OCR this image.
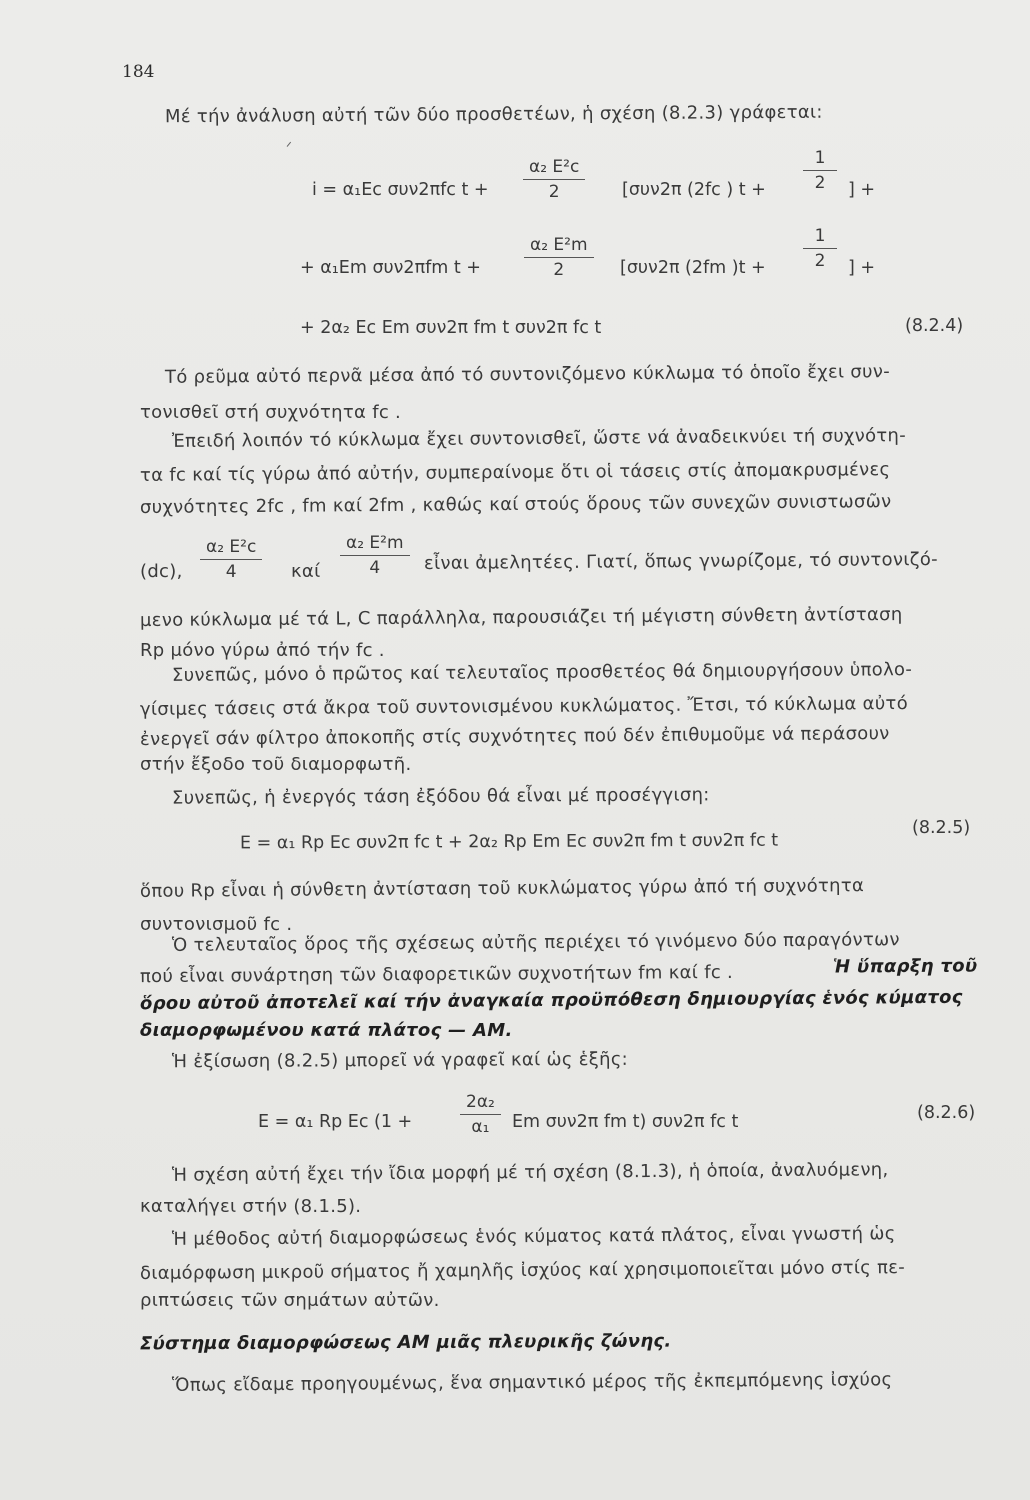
184
ᐟ
Μέ τήν ἀνάλυση αὐτή τῶν δύο προσθετέων, ἡ σχέση (8.2.3) γράφεται:
i = α₁Ec συν2πfc t +
α₂ E²c
2	[συν2π (2fc ) t +
1
2	] +
+ α₁Em συν2πfm t +
α₂ E²m
2	[συν2π (2fm )t +
1
2	] +
+ 2α₂ Ec Em συν2π fm t συν2π fc t	(8.2.4)
Τό ρεῦμα αὐτό περνᾶ μέσα ἀπό τό συντονιζόμενο κύκλωμα τό ὁποῖο ἔχει συν-
τονισθεῖ στή συχνότητα fc .
Ἐπειδή λοιπόν τό κύκλωμα ἔχει συντονισθεῖ, ὥστε νά ἀναδεικνύει τή συχνότη-
τα fc καί τίς γύρω ἀπό αὐτήν, συμπεραίνομε ὅτι οἱ τάσεις στίς ἀπομακρυσμένες
συχνότητες 2fc , fm καί 2fm , καθώς καί στούς ὅρους τῶν συνεχῶν συνιστωσῶν
(dc),
α₂ E²c
4	καί
α₂ E²m
4	εἶναι ἀμελητέες. Γιατί, ὅπως γνωρίζομε, τό συντονιζό-
μενο κύκλωμα μέ τά L, C παράλληλα, παρουσιάζει τή μέγιστη σύνθετη ἀντίσταση
Rp μόνο γύρω ἀπό τήν fc .
Συνεπῶς, μόνο ὁ πρῶτος καί τελευταῖος προσθετέος θά δημιουργήσουν ὑπολο-
γίσιμες τάσεις στά ἄκρα τοῦ συντονισμένου κυκλώματος. Ἔτσι, τό κύκλωμα αὐτό
ἐνεργεῖ σάν φίλτρο ἀποκοπῆς στίς συχνότητες πού δέν ἐπιθυμοῦμε νά περάσουν
στήν ἔξοδο τοῦ διαμορφωτῆ.
Συνεπῶς, ἡ ἐνεργός τάση ἐξόδου θά εἶναι μέ προσέγγιση:
E = α₁ Rp Ec συν2π fc t + 2α₂ Rp Em Ec συν2π fm t συν2π fc t
(8.2.5)
ὅπου Rp εἶναι ἡ σύνθετη ἀντίσταση τοῦ κυκλώματος γύρω ἀπό τή συχνότητα
συντονισμοῦ fc .
Ὁ τελευταῖος ὅρος τῆς σχέσεως αὐτῆς περιέχει τό γινόμενο δύο παραγόντων
πού εἶναι συνάρτηση τῶν διαφορετικῶν συχνοτήτων fm καί fc .	Ἡ ὕπαρξη τοῦ
ὅρου αὐτοῦ ἀποτελεῖ καί τήν ἀναγκαία προϋπόθεση δημιουργίας ἑνός κύματος
διαμορφωμένου κατά πλάτος — AM.
Ἡ ἐξίσωση (8.2.5) μπορεῖ νά γραφεῖ καί ὡς ἑξῆς:
E = α₁ Rp Ec (1 +
2α₂
α₁	Em συν2π fm t) συν2π fc t	(8.2.6)
Ἡ σχέση αὐτή ἔχει τήν ἴδια μορφή μέ τή σχέση (8.1.3), ἡ ὁποία, ἀναλυόμενη,
καταλήγει στήν (8.1.5).
Ἡ μέθοδος αὐτή διαμορφώσεως ἑνός κύματος κατά πλάτος, εἶναι γνωστή ὡς
διαμόρφωση μικροῦ σήματος ἤ χαμηλῆς ἰσχύος καί χρησιμοποιεῖται μόνο στίς πε-
ριπτώσεις τῶν σημάτων αὐτῶν.
Σύστημα διαμορφώσεως AM μιᾶς πλευρικῆς ζώνης.
Ὅπως εἴδαμε προηγουμένως, ἕνα σημαντικό μέρος τῆς ἐκπεμπόμενης ἰσχύος
